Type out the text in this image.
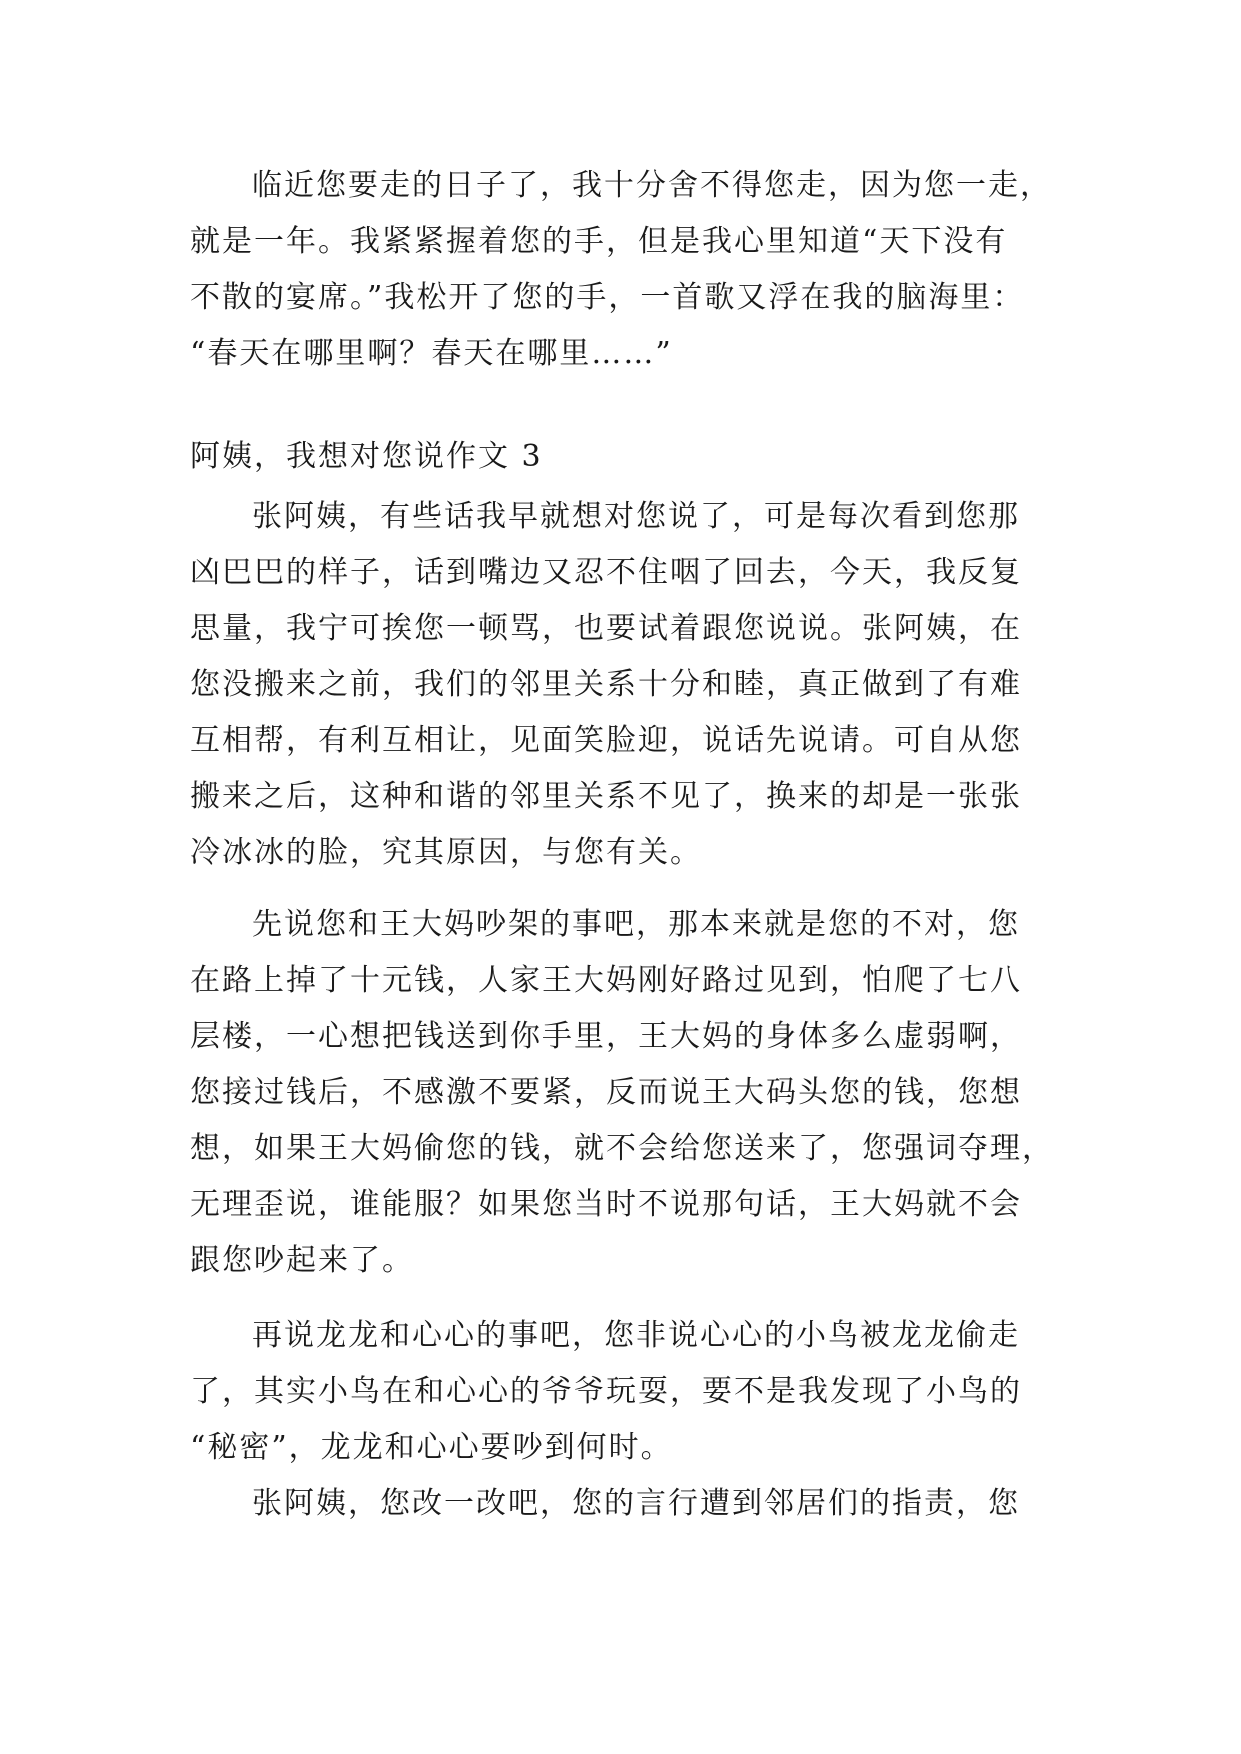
临近您要走的日子了，我十分舍不得您走，因为您一走，
就是一年。我紧紧握着您的手，但是我心里知道“天下没有
不散的宴席。”我松开了您的手，一首歌又浮在我的脑海里：
“春天在哪里啊？春天在哪里……”
阿姨，我想对您说作文 3
张阿姨，有些话我早就想对您说了，可是每次看到您那
凶巴巴的样子，话到嘴边又忍不住咽了回去，今天，我反复
思量，我宁可挨您一顿骂，也要试着跟您说说。张阿姨，在
您没搬来之前，我们的邻里关系十分和睦，真正做到了有难
互相帮，有利互相让，见面笑脸迎，说话先说请。可自从您
搬来之后，这种和谐的邻里关系不见了，换来的却是一张张
冷冰冰的脸，究其原因，与您有关。
先说您和王大妈吵架的事吧，那本来就是您的不对，您
在路上掉了十元钱，人家王大妈刚好路过见到，怕爬了七八
层楼，一心想把钱送到你手里，王大妈的身体多么虚弱啊，
您接过钱后，不感激不要紧，反而说王大码头您的钱，您想
想，如果王大妈偷您的钱，就不会给您送来了，您强词夺理，
无理歪说，谁能服？如果您当时不说那句话，王大妈就不会
跟您吵起来了。
再说龙龙和心心的事吧，您非说心心的小鸟被龙龙偷走
了，其实小鸟在和心心的爷爷玩耍，要不是我发现了小鸟的
“秘密”，龙龙和心心要吵到何时。
张阿姨，您改一改吧，您的言行遭到邻居们的指责，您
